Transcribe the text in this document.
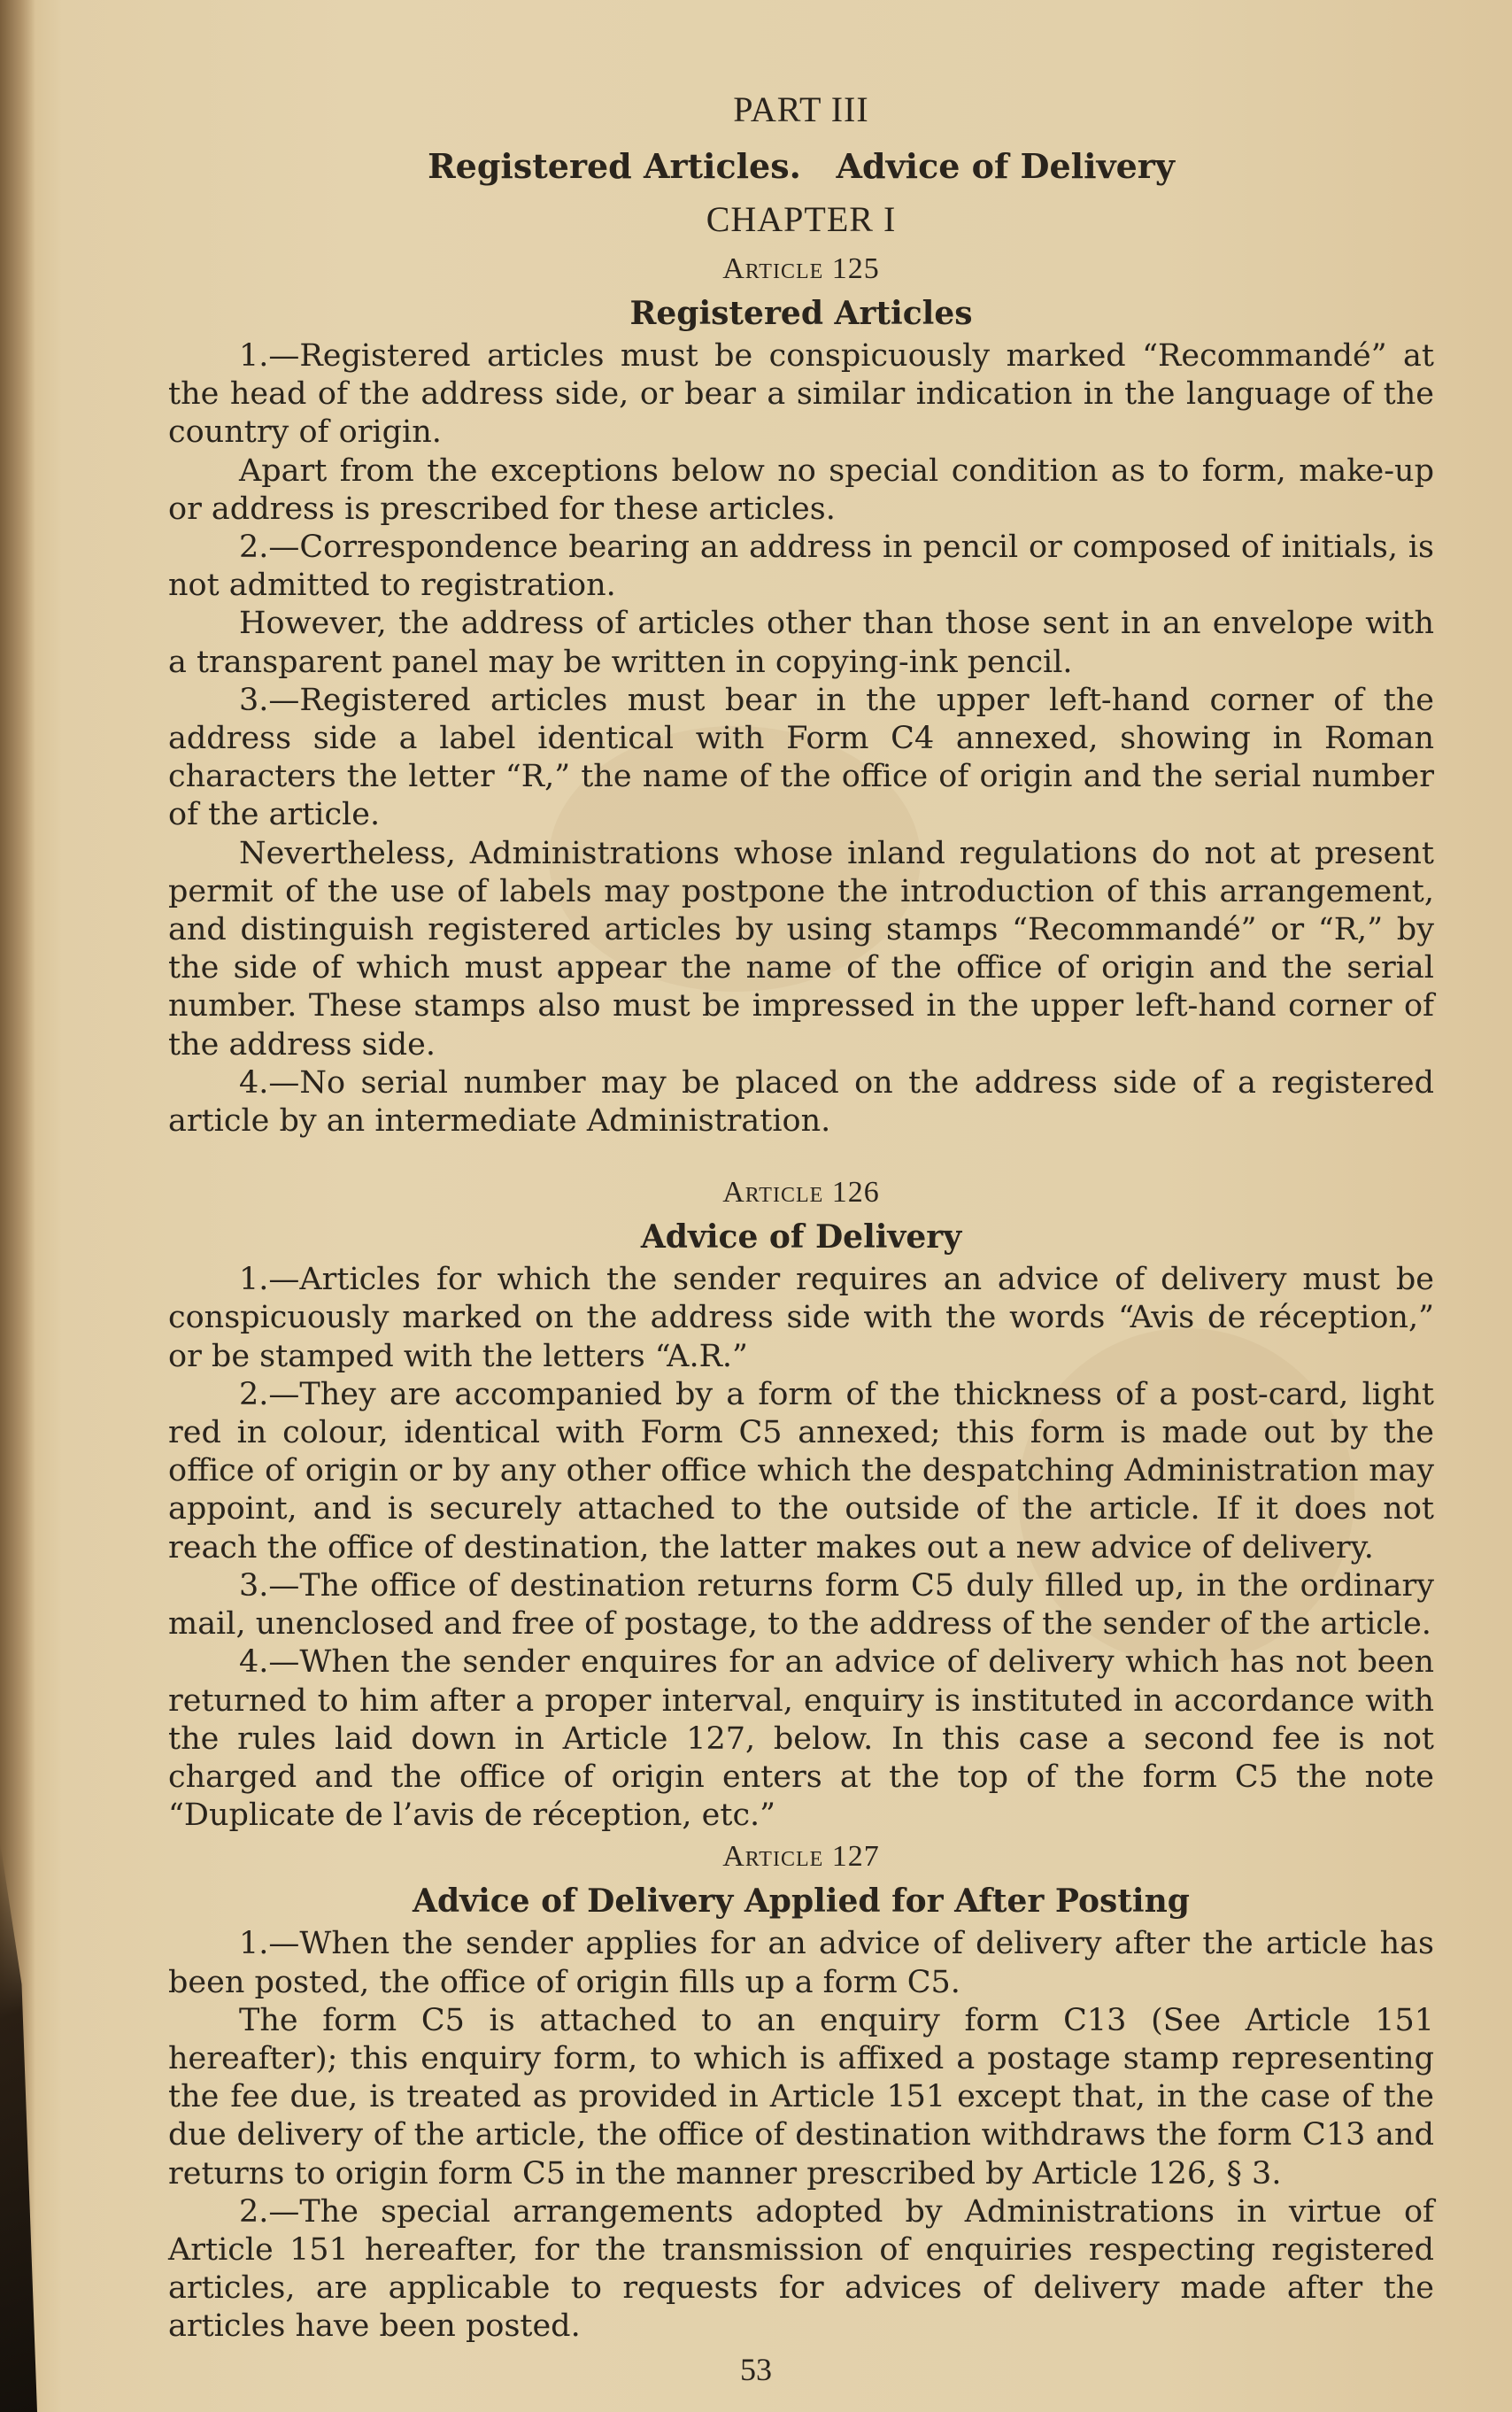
PART III
Registered Articles.   Advice of Delivery
CHAPTER I
Article 125
Registered Articles

1.—Registered articles must be conspicuously marked “Recommandé” at the head of the address side, or bear a similar indication in the language of the country of origin.

Apart from the exceptions below no special condition as to form, make-up or address is prescribed for these articles.

2.—Correspondence bearing an address in pencil or composed of initials, is not admitted to registration.

However, the address of articles other than those sent in an envelope with a transparent panel may be written in copying-ink pencil.

3.—Registered articles must bear in the upper left-hand corner of the address side a label identical with Form C4 annexed, showing in Roman characters the letter “R,” the name of the office of origin and the serial number of the article.

Nevertheless, Administrations whose inland regulations do not at present permit of the use of labels may postpone the introduction of this arrangement, and distinguish registered articles by using stamps “Recommandé” or “R,” by the side of which must appear the name of the office of origin and the serial number. These stamps also must be impressed in the upper left-hand corner of the address side.

4.—No serial number may be placed on the address side of a registered article by an intermediate Administration.

Article 126
Advice of Delivery

1.—Articles for which the sender requires an advice of delivery must be conspicuously marked on the address side with the words “Avis de réception,” or be stamped with the letters “A.R.”

2.—They are accompanied by a form of the thickness of a post-card, light red in colour, identical with Form C5 annexed; this form is made out by the office of origin or by any other office which the despatching Administration may appoint, and is securely attached to the outside of the article. If it does not reach the office of destination, the latter makes out a new advice of delivery.

3.—The office of destination returns form C5 duly filled up, in the ordinary mail, unenclosed and free of postage, to the address of the sender of the article.

4.—When the sender enquires for an advice of delivery which has not been returned to him after a proper interval, enquiry is instituted in accordance with the rules laid down in Article 127, below. In this case a second fee is not charged and the office of origin enters at the top of the form C5 the note “Duplicate de l’avis de réception, etc.”

Article 127
Advice of Delivery Applied for After Posting

1.—When the sender applies for an advice of delivery after the article has been posted, the office of origin fills up a form C5.

The form C5 is attached to an enquiry form C13 (See Article 151 hereafter); this enquiry form, to which is affixed a postage stamp representing the fee due, is treated as provided in Article 151 except that, in the case of the due delivery of the article, the office of destination withdraws the form C13 and returns to origin form C5 in the manner prescribed by Article 126, § 3.

2.—The special arrangements adopted by Administrations in virtue of Article 151 hereafter, for the transmission of enquiries respecting registered articles, are applicable to requests for advices of delivery made after the articles have been posted.

53
